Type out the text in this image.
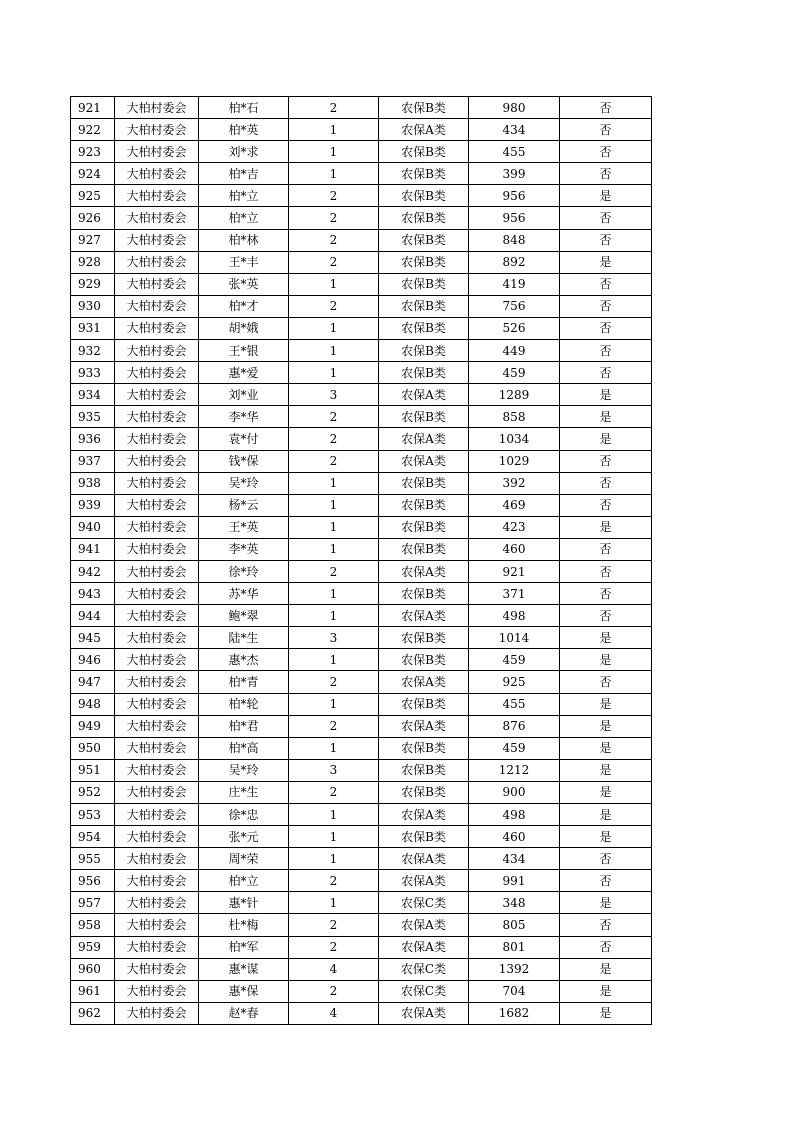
921	大柏村委会	柏*石	2	农保B类	980	否
922	大柏村委会	柏*英	1	农保A类	434	否
923	大柏村委会	刘*求	1	农保B类	455	否
924	大柏村委会	柏*吉	1	农保B类	399	否
925	大柏村委会	柏*立	2	农保B类	956	是
926	大柏村委会	柏*立	2	农保B类	956	否
927	大柏村委会	柏*林	2	农保B类	848	否
928	大柏村委会	王*丰	2	农保B类	892	是
929	大柏村委会	张*英	1	农保B类	419	否
930	大柏村委会	柏*才	2	农保B类	756	否
931	大柏村委会	胡*娥	1	农保B类	526	否
932	大柏村委会	王*银	1	农保B类	449	否
933	大柏村委会	惠*爱	1	农保B类	459	否
934	大柏村委会	刘*业	3	农保A类	1289	是
935	大柏村委会	李*华	2	农保B类	858	是
936	大柏村委会	袁*付	2	农保A类	1034	是
937	大柏村委会	钱*保	2	农保A类	1029	否
938	大柏村委会	吴*玲	1	农保B类	392	否
939	大柏村委会	杨*云	1	农保B类	469	否
940	大柏村委会	王*英	1	农保B类	423	是
941	大柏村委会	李*英	1	农保B类	460	否
942	大柏村委会	徐*玲	2	农保A类	921	否
943	大柏村委会	苏*华	1	农保B类	371	否
944	大柏村委会	鲍*翠	1	农保A类	498	否
945	大柏村委会	陆*生	3	农保B类	1014	是
946	大柏村委会	惠*杰	1	农保B类	459	是
947	大柏村委会	柏*青	2	农保A类	925	否
948	大柏村委会	柏*轮	1	农保B类	455	是
949	大柏村委会	柏*君	2	农保A类	876	是
950	大柏村委会	柏*高	1	农保B类	459	是
951	大柏村委会	吴*玲	3	农保B类	1212	是
952	大柏村委会	庄*生	2	农保B类	900	是
953	大柏村委会	徐*忠	1	农保A类	498	是
954	大柏村委会	张*元	1	农保B类	460	是
955	大柏村委会	周*荣	1	农保A类	434	否
956	大柏村委会	柏*立	2	农保A类	991	否
957	大柏村委会	惠*针	1	农保C类	348	是
958	大柏村委会	杜*梅	2	农保A类	805	否
959	大柏村委会	柏*军	2	农保A类	801	否
960	大柏村委会	惠*谋	4	农保C类	1392	是
961	大柏村委会	惠*保	2	农保C类	704	是
962	大柏村委会	赵*春	4	农保A类	1682	是
